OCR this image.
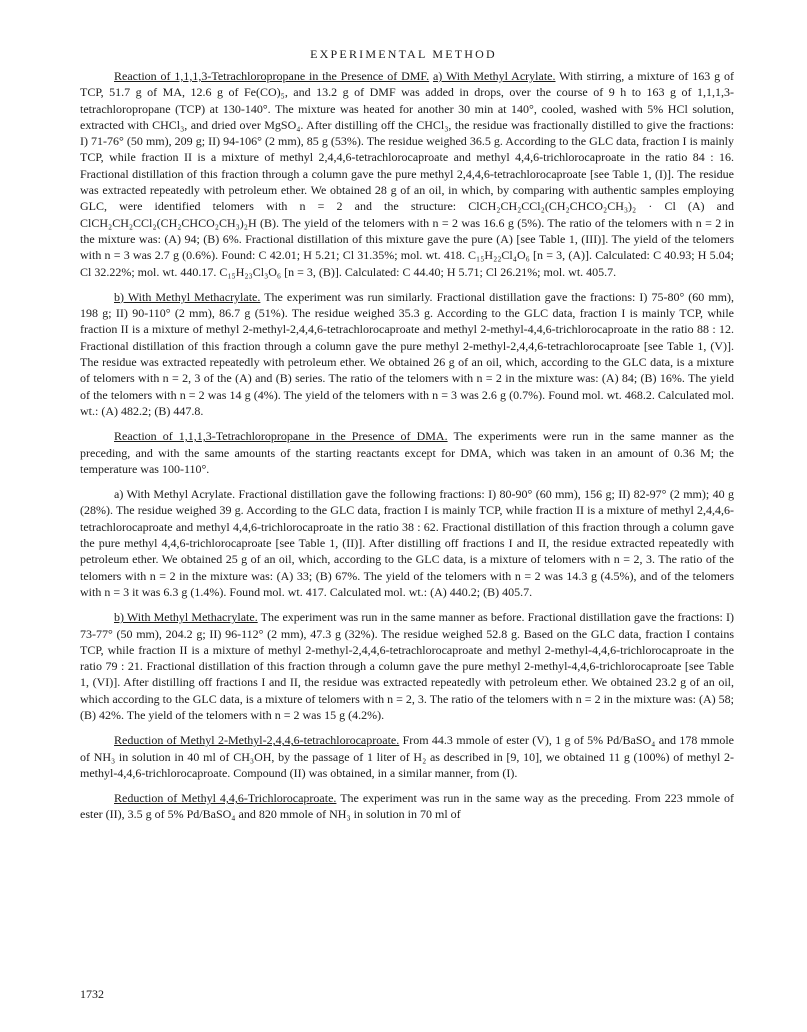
EXPERIMENTAL METHOD

Reaction of 1,1,1,3-Tetrachloropropane in the Presence of DMF. a) With Methyl Acrylate. With stirring, a mixture of 163 g of TCP, 51.7 g of MA, 12.6 g of Fe(CO)₅, and 13.2 g of DMF was added in drops, over the course of 9 h to 163 g of 1,1,1,3-tetrachloropropane (TCP) at 130-140°. The mixture was heated for another 30 min at 140°, cooled, washed with 5% HCl solution, extracted with CHCl₃, and dried over MgSO₄. After distilling off the CHCl₃, the residue was fractionally distilled to give the fractions: I) 71-76° (50 mm), 209 g; II) 94-106° (2 mm), 85 g (53%). The residue weighed 36.5 g. According to the GLC data, fraction I is mainly TCP, while fraction II is a mixture of methyl 2,4,4,6-tetrachlorocaproate and methyl 4,4,6-trichlorocaproate in the ratio 84 : 16. Fractional distillation of this fraction through a column gave the pure methyl 2,4,4,6-tetrachlorocaproate [see Table 1, (I)]. The residue was extracted repeatedly with petroleum ether. We obtained 28 g of an oil, in which, by comparing with authentic samples employing GLC, were identified telomers with n = 2 and the structure: ClCH₂CH₂CCl₂(CH₂CHCO₂CH₃)₂ · Cl (A) and ClCH₂CH₂CCl₂(CH₂CHCO₂CH₃)₂H (B). The yield of the telomers with n = 2 was 16.6 g (5%). The ratio of the telomers with n = 2 in the mixture was: (A) 94; (B) 6%. Fractional distillation of this mixture gave the pure (A) [see Table 1, (III)]. The yield of the telomers with n = 3 was 2.7 g (0.6%). Found: C 42.01; H 5.21; Cl 31.35%; mol. wt. 418. C₁₅H₂₂Cl₄O₆ [n = 3, (A)]. Calculated: C 40.93; H 5.04; Cl 32.22%; mol. wt. 440.17. C₁₅H₂₃Cl₃O₆ [n = 3, (B)]. Calculated: C 44.40; H 5.71; Cl 26.21%; mol. wt. 405.7.

b) With Methyl Methacrylate. The experiment was run similarly. Fractional distillation gave the fractions: I) 75-80° (60 mm), 198 g; II) 90-110° (2 mm), 86.7 g (51%). The residue weighed 35.3 g. According to the GLC data, fraction I is mainly TCP, while fraction II is a mixture of methyl 2-methyl-2,4,4,6-tetrachlorocaproate and methyl 2-methyl-4,4,6-trichlorocaproate in the ratio 88 : 12. Fractional distillation of this fraction through a column gave the pure methyl 2-methyl-2,4,4,6-tetrachlorocaproate [see Table 1, (V)]. The residue was extracted repeatedly with petroleum ether. We obtained 26 g of an oil, which, according to the GLC data, is a mixture of telomers with n = 2, 3 of the (A) and (B) series. The ratio of the telomers with n = 2 in the mixture was: (A) 84; (B) 16%. The yield of the telomers with n = 2 was 14 g (4%). The yield of the telomers with n = 3 was 2.6 g (0.7%). Found mol. wt. 468.2. Calculated mol. wt.: (A) 482.2; (B) 447.8.

Reaction of 1,1,1,3-Tetrachloropropane in the Presence of DMA. The experiments were run in the same manner as the preceding, and with the same amounts of the starting reactants except for DMA, which was taken in an amount of 0.36 M; the temperature was 100-110°.

a) With Methyl Acrylate. Fractional distillation gave the following fractions: I) 80-90° (60 mm), 156 g; II) 82-97° (2 mm); 40 g (28%). The residue weighed 39 g. According to the GLC data, fraction I is mainly TCP, while fraction II is a mixture of methyl 2,4,4,6-tetrachlorocaproate and methyl 4,4,6-trichlorocaproate in the ratio 38 : 62. Fractional distillation of this fraction through a column gave the pure methyl 4,4,6-trichlorocaproate [see Table 1, (II)]. After distilling off fractions I and II, the residue extracted repeatedly with petroleum ether. We obtained 25 g of an oil, which, according to the GLC data, is a mixture of telomers with n = 2, 3. The ratio of the telomers with n = 2 in the mixture was: (A) 33; (B) 67%. The yield of the telomers with n = 2 was 14.3 g (4.5%), and of the telomers with n = 3 it was 6.3 g (1.4%). Found mol. wt. 417. Calculated mol. wt.: (A) 440.2; (B) 405.7.

b) With Methyl Methacrylate. The experiment was run in the same manner as before. Fractional distillation gave the fractions: I) 73-77° (50 mm), 204.2 g; II) 96-112° (2 mm), 47.3 g (32%). The residue weighed 52.8 g. Based on the GLC data, fraction I contains TCP, while fraction II is a mixture of methyl 2-methyl-2,4,4,6-tetrachlorocaproate and methyl 2-methyl-4,4,6-trichlorocaproate in the ratio 79 : 21. Fractional distillation of this fraction through a column gave the pure methyl 2-methyl-4,4,6-trichlorocaproate [see Table 1, (VI)]. After distilling off fractions I and II, the residue was extracted repeatedly with petroleum ether. We obtained 23.2 g of an oil, which according to the GLC data, is a mixture of telomers with n = 2, 3. The ratio of the telomers with n = 2 in the mixture was: (A) 58; (B) 42%. The yield of the telomers with n = 2 was 15 g (4.2%).

Reduction of Methyl 2-Methyl-2,4,4,6-tetrachlorocaproate. From 44.3 mmole of ester (V), 1 g of 5% Pd/BaSO₄ and 178 mmole of NH₃ in solution in 40 ml of CH₃OH, by the passage of 1 liter of H₂ as described in [9, 10], we obtained 11 g (100%) of methyl 2-methyl-4,4,6-trichlorocaproate. Compound (II) was obtained, in a similar manner, from (I).

Reduction of Methyl 4,4,6-Trichlorocaproate. The experiment was run in the same way as the preceding. From 223 mmole of ester (II), 3.5 g of 5% Pd/BaSO₄ and 820 mmole of NH₃ in solution in 70 ml of

1732
